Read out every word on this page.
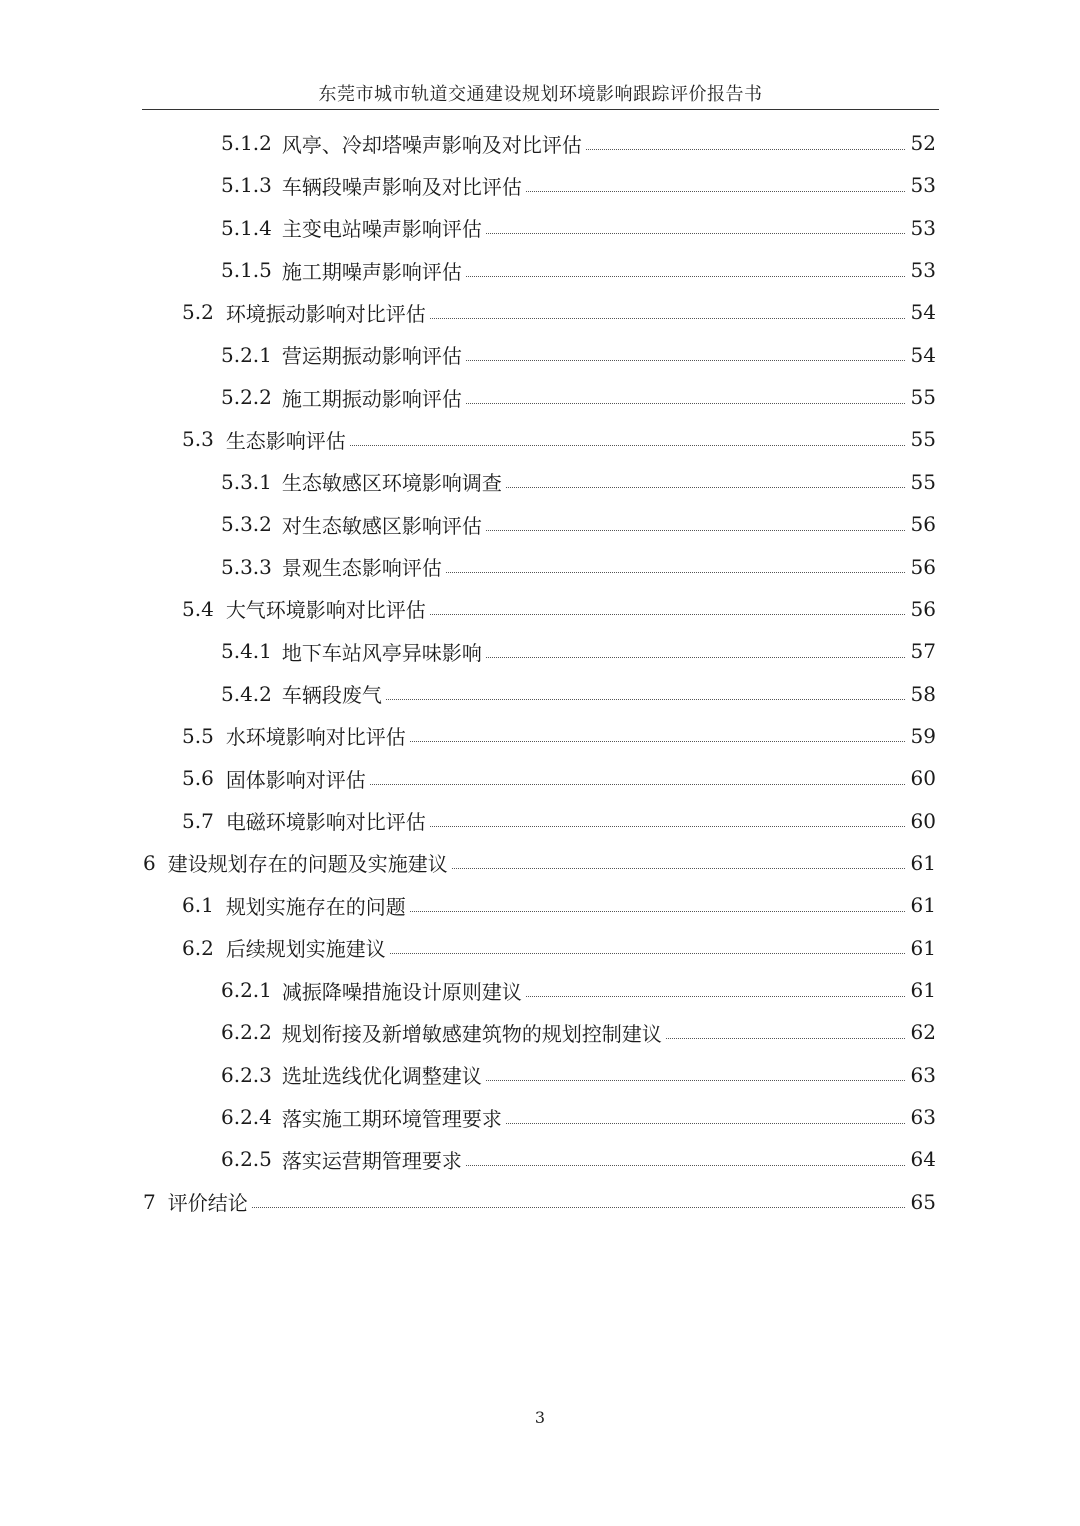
东莞市城市轨道交通建设规划环境影响跟踪评价报告书
5.1.2 风亭、冷却塔噪声影响及对比评估	52
5.1.3 车辆段噪声影响及对比评估	53
5.1.4 主变电站噪声影响评估	53
5.1.5 施工期噪声影响评估	53
5.2 环境振动影响对比评估	54
5.2.1 营运期振动影响评估	54
5.2.2 施工期振动影响评估	55
5.3 生态影响评估	55
5.3.1 生态敏感区环境影响调查	55
5.3.2 对生态敏感区影响评估	56
5.3.3 景观生态影响评估	56
5.4 大气环境影响对比评估	56
5.4.1 地下车站风亭异味影响	57
5.4.2 车辆段废气	58
5.5 水环境影响对比评估	59
5.6 固体影响对评估	60
5.7 电磁环境影响对比评估	60
6 建设规划存在的问题及实施建议	61
6.1 规划实施存在的问题	61
6.2 后续规划实施建议	61
6.2.1 减振降噪措施设计原则建议	61
6.2.2 规划衔接及新增敏感建筑物的规划控制建议	62
6.2.3 选址选线优化调整建议	63
6.2.4 落实施工期环境管理要求	63
6.2.5 落实运营期管理要求	64
7 评价结论	65
3
